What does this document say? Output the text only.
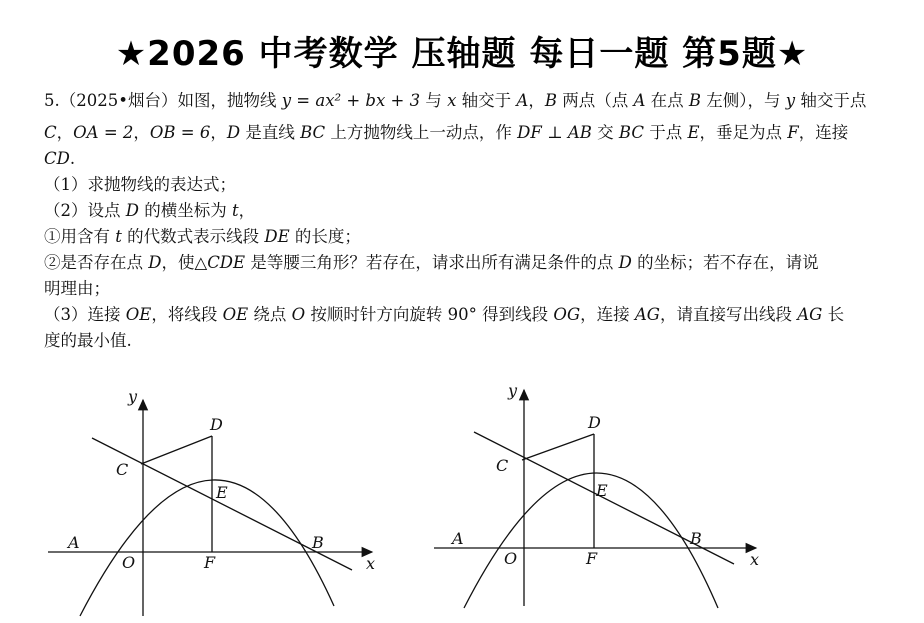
★2026 中考数学 压轴题 每日一题 第5题★
5.（2025•烟台）如图，抛物线 y = ax² + bx + 3 与 x 轴交于 A，B 两点（点 A 在点 B 左侧），与 y 轴交于点
C，OA = 2，OB = 6，D 是直线 BC 上方抛物线上一动点，作 DF ⊥ AB 交 BC 于点 E，垂足为点 F，连接
CD.
（1）求抛物线的表达式；
（2）设点 D 的横坐标为 t，
①用含有 t 的代数式表示线段 DE 的长度；
②是否存在点 D，使△CDE 是等腰三角形？若存在，请求出所有满足条件的点 D 的坐标；若不存在，请说
明理由；
（3）连接 OE，将线段 OE 绕点 O 按顺时针方向旋转 90° 得到线段 OG，连接 AG，请直接写出线段 AG 长
度的最小值.
y
x
O
A	B
C
D
E
F
y
x
O
A	B
C
D
E
F
